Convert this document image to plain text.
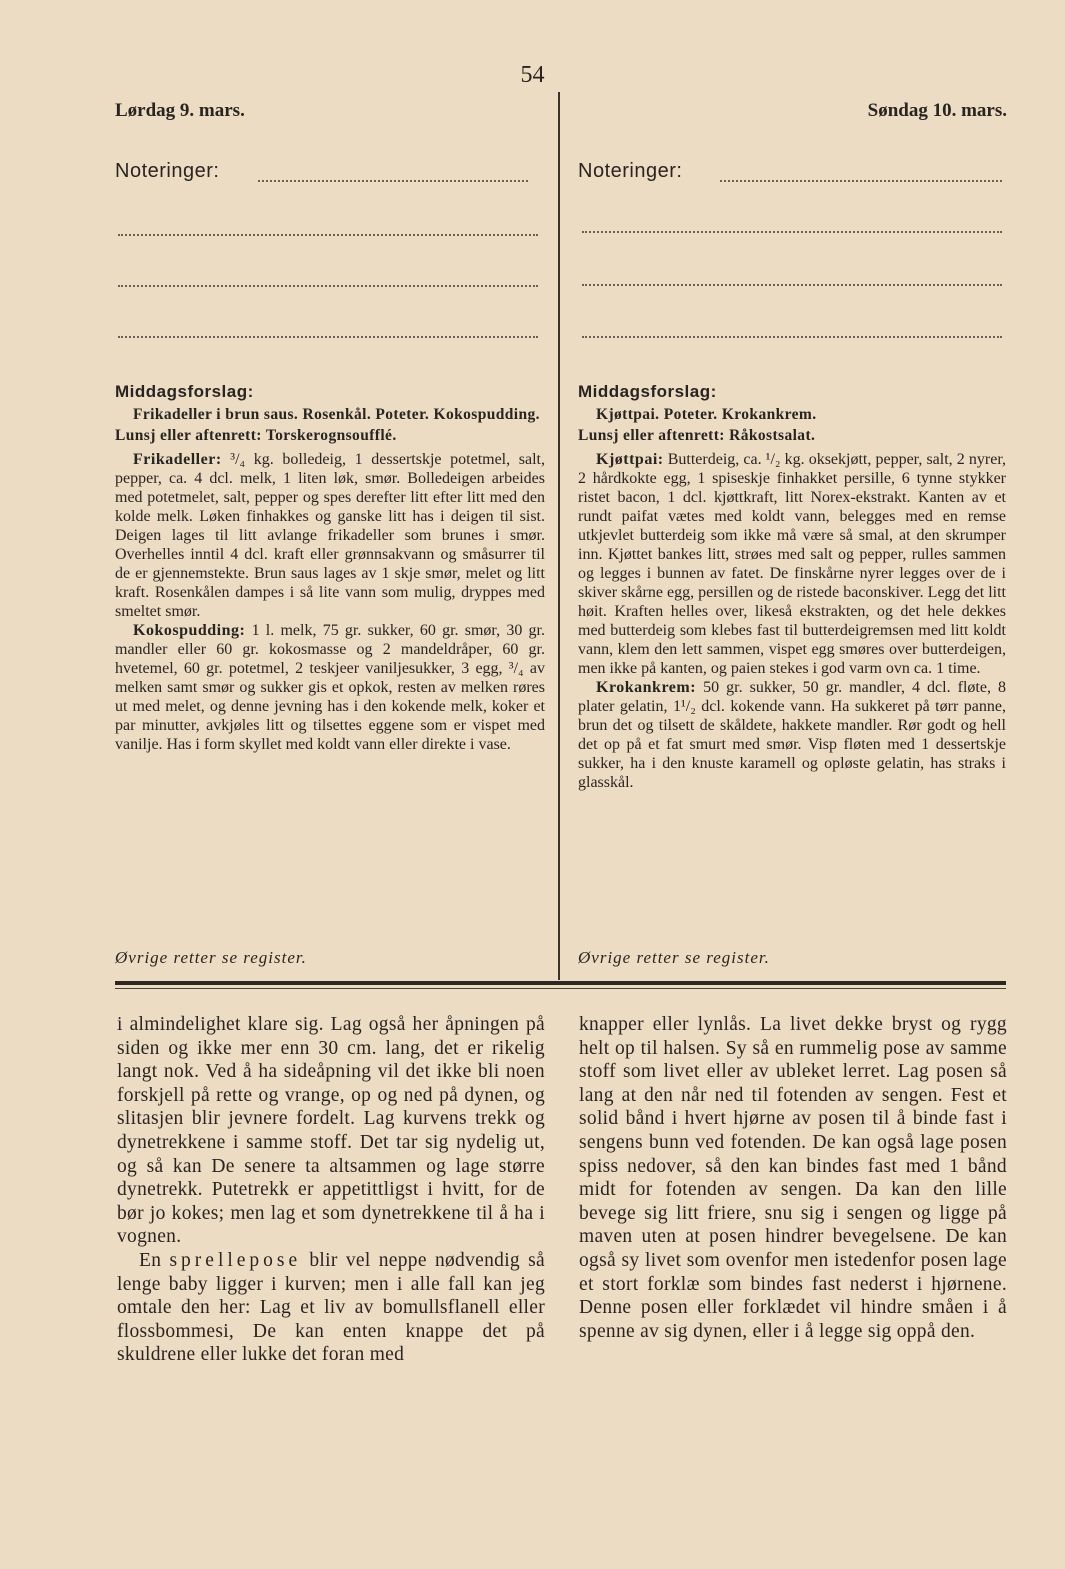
54
Lørdag 9. mars.	Søndag 10. mars.
Noteringer:	Noteringer:
Middagsforslag:

Frikadeller i brun saus. Rosenkål. Poteter. Kokospudding.

Lunsj eller aftenrett: Torskerognsoufflé.

Frikadeller: ³/₄ kg. bolledeig, 1 dessertskje potetmel, salt, pepper, ca. 4 dcl. melk, 1 liten løk, smør. Bolledeigen arbeides med potetmelet, salt, pepper og spes derefter litt efter litt med den kolde melk. Løken finhakkes og ganske litt has i deigen til sist. Deigen lages til litt avlange frikadeller som brunes i smør. Overhelles inntil 4 dcl. kraft eller grønnsakvann og småsurrer til de er gjennemstekte. Brun saus lages av 1 skje smør, melet og litt kraft. Rosenkålen dampes i så lite vann som mulig, dryppes med smeltet smør.

Kokospudding: 1 l. melk, 75 gr. sukker, 60 gr. smør, 30 gr. mandler eller 60 gr. kokosmasse og 2 mandeldråper, 60 gr. hvetemel, 60 gr. potetmel, 2 teskjeer vaniljesukker, 3 egg, ³/₄ av melken samt smør og sukker gis et opkok, resten av melken røres ut med melet, og denne jevning has i den kokende melk, koker et par minutter, avkjøles litt og tilsettes eggene som er vispet med vanilje. Has i form skyllet med koldt vann eller direkte i vase.

Middagsforslag:

Kjøttpai. Poteter. Krokankrem.

Lunsj eller aftenrett: Råkostsalat.

Kjøttpai: Butterdeig, ca. ¹/₂ kg. oksekjøtt, pepper, salt, 2 nyrer, 2 hårdkokte egg, 1 spiseskje finhakket persille, 6 tynne stykker ristet bacon, 1 dcl. kjøttkraft, litt Norex-ekstrakt. Kanten av et rundt paifat vætes med koldt vann, belegges med en remse utkjevlet butterdeig som ikke må være så smal, at den skrumper inn. Kjøttet bankes litt, strøes med salt og pepper, rulles sammen og legges i bunnen av fatet. De finskårne nyrer legges over de i skiver skårne egg, persillen og de ristede baconskiver. Legg det litt høit. Kraften helles over, likeså ekstrakten, og det hele dekkes med butterdeig som klebes fast til butterdeigremsen med litt koldt vann, klem den lett sammen, vispet egg smøres over butterdeigen, men ikke på kanten, og paien stekes i god varm ovn ca. 1 time.

Krokankrem: 50 gr. sukker, 50 gr. mandler, 4 dcl. fløte, 8 plater gelatin, 1¹/₂ dcl. kokende vann. Ha sukkeret på tørr panne, brun det og tilsett de skåldete, hakkete mandler. Rør godt og hell det op på et fat smurt med smør. Visp fløten med 1 dessertskje sukker, ha i den knuste karamell og opløste gelatin, has straks i glasskål.

Øvrige retter se register.	Øvrige retter se register.

i almindelighet klare sig. Lag også her åpningen på siden og ikke mer enn 30 cm. lang, det er rikelig langt nok. Ved å ha sideåpning vil det ikke bli noen forskjell på rette og vrange, op og ned på dynen, og slitasjen blir jevnere fordelt. Lag kurvens trekk og dynetrekkene i samme stoff. Det tar sig nydelig ut, og så kan De senere ta altsammen og lage større dynetrekk. Putetrekk er appetittligst i hvitt, for de bør jo kokes; men lag et som dynetrekkene til å ha i vognen.

En sprellepose blir vel neppe nødvendig så lenge baby ligger i kurven; men i alle fall kan jeg omtale den her: Lag et liv av bomullsflanell eller flossbommesi, De kan enten knappe det på skuldrene eller lukke det foran med

knapper eller lynlås. La livet dekke bryst og rygg helt op til halsen. Sy så en rummelig pose av samme stoff som livet eller av ubleket lerret. Lag posen så lang at den når ned til fotenden av sengen. Fest et solid bånd i hvert hjørne av posen til å binde fast i sengens bunn ved fotenden. De kan også lage posen spiss nedover, så den kan bindes fast med 1 bånd midt for fotenden av sengen. Da kan den lille bevege sig litt friere, snu sig i sengen og ligge på maven uten at posen hindrer bevegelsene. De kan også sy livet som ovenfor men istedenfor posen lage et stort forklæ som bindes fast nederst i hjørnene. Denne posen eller forklædet vil hindre småen i å spenne av sig dynen, eller i å legge sig oppå den.
